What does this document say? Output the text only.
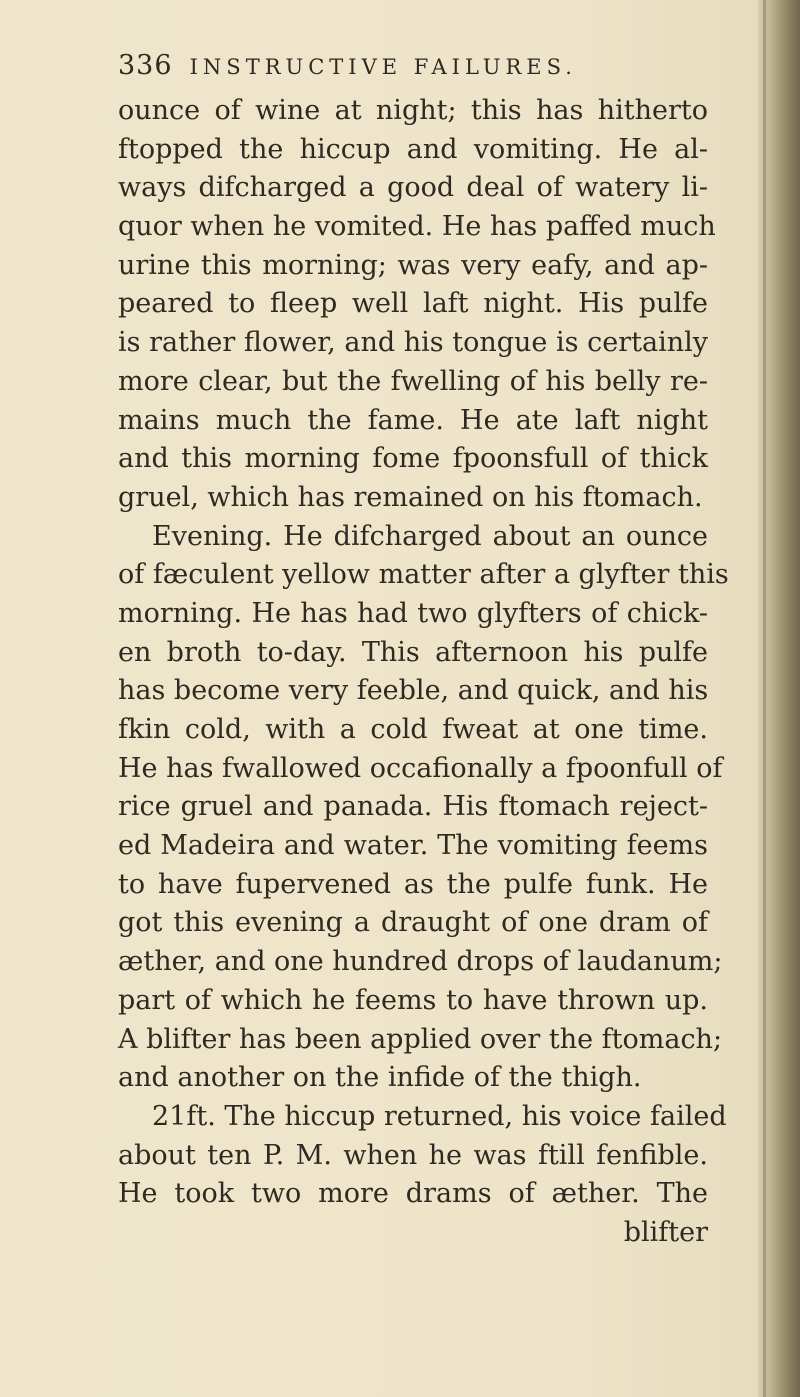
336 INSTRUCTIVE FAILURES.
ounce of wine at night; this has hitherto
ftopped the hiccup and vomiting. He al-
ways difcharged a good deal of watery li-
quor when he vomited. He has paffed much
urine this morning; was very eafy, and ap-
peared to fleep well laft night. His pulfe
is rather flower, and his tongue is certainly
more clear, but the fwelling of his belly re-
mains much the fame. He ate laft night
and this morning fome fpoonsfull of thick
gruel, which has remained on his ftomach.
Evening. He difcharged about an ounce
of fæculent yellow matter after a glyfter this
morning. He has had two glyfters of chick-
en broth to-day. This afternoon his pulfe
has become very feeble, and quick, and his
fkin cold, with a cold fweat at one time.
He has fwallowed occafionally a fpoonfull of
rice gruel and panada. His ftomach reject-
ed Madeira and water. The vomiting feems
to have fupervened as the pulfe funk. He
got this evening a draught of one dram of
æther, and one hundred drops of laudanum;
part of which he feems to have thrown up.
A blifter has been applied over the ftomach;
and another on the infide of the thigh.
21ft. The hiccup returned, his voice failed
about ten P. M. when he was ftill fenfible.
He took two more drams of æther. The
blifter
